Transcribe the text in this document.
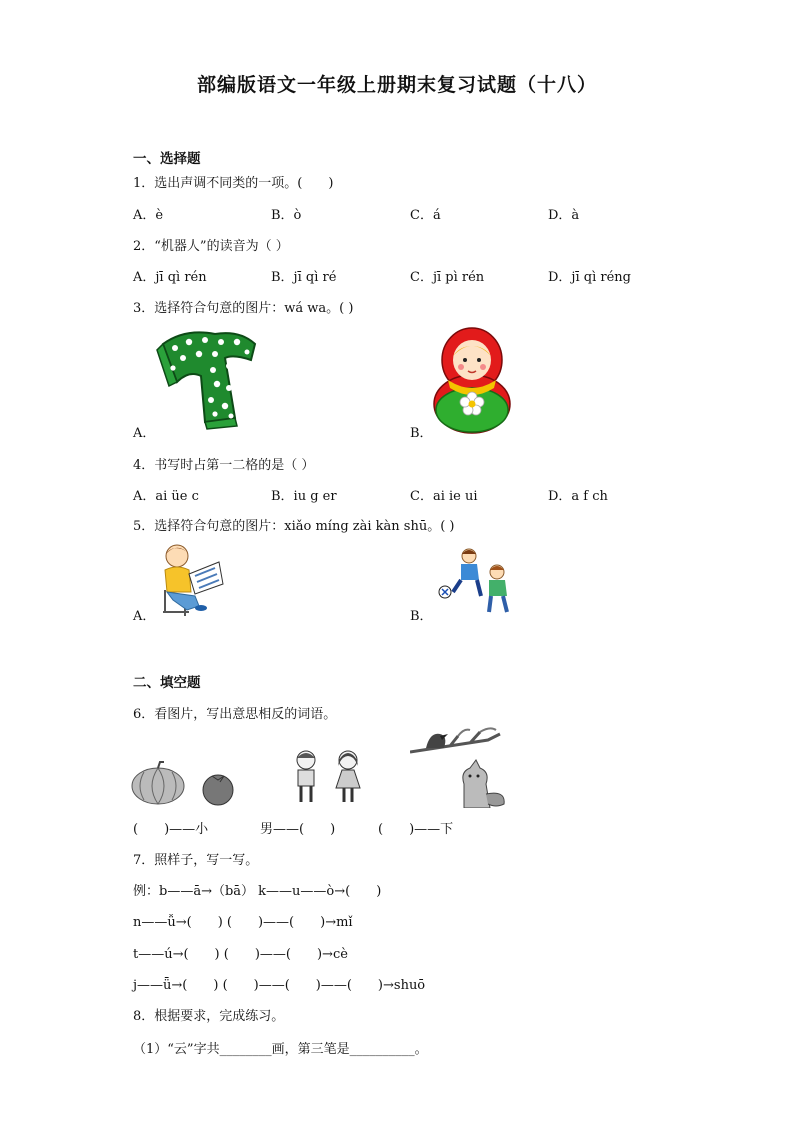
部编版语文一年级上册期末复习试题（十八）
一、选择题
1．选出声调不同类的一项。(　　)
A．è	B．ò	C．á	D．à
2．“机器人”的读音为（ ）
A．jī qì rén	B．jī qì ré	C．jī pì rén	D．jī qì réng
3．选择符合句意的图片：wá wa。( )
A．	B．
4．书写时占第一二格的是（ ）
A．ai üe c	B．iu g er	C．ai ie ui	D．a f ch
5．选择符合句意的图片：xiǎo míng zài kàn shū。( )
A．	B．
二、填空题
6．看图片，写出意思相反的词语。
(　　)——小	男——(　　)	(　　)——下
7．照样子，写一写。
例：b——ā→（bā） k——u——ò→(　　)
n——ǚ→(　　) (　　)——(　　)→mǐ
t——ú→(　　) (　　)——(　　)→cè
j——ǖ→(　　) (　　)——(　　)——(　　)→shuō
8．根据要求，完成练习。
（1）“云”字共________画，第三笔是__________。
